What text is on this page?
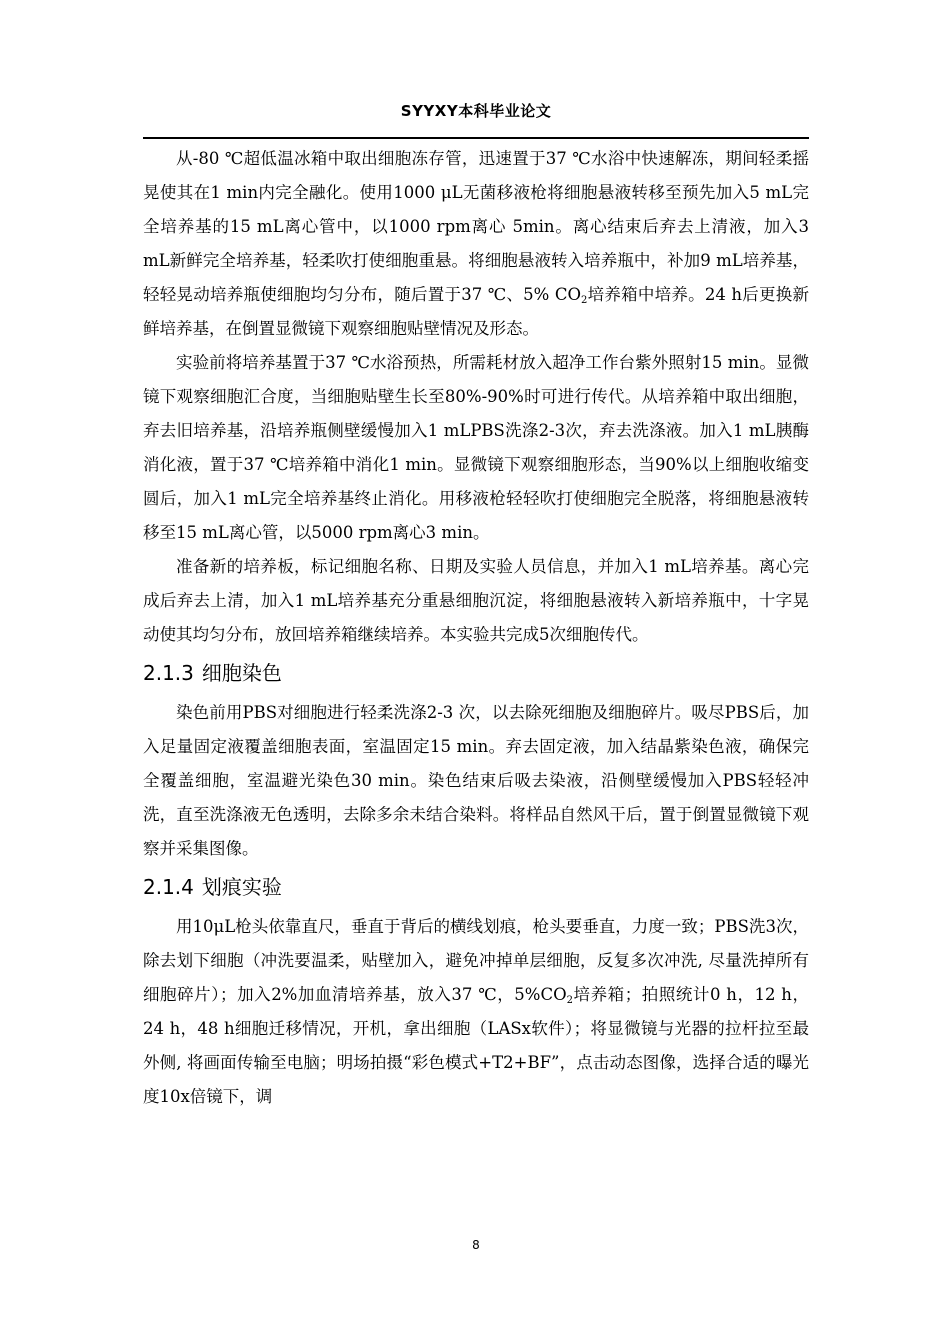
SYYXY本科毕业论文

从-80 ℃超低温冰箱中取出细胞冻存管，迅速置于37 ℃水浴中快速解冻，期间轻柔摇晃使其在1 min内完全融化。使用1000 μL无菌移液枪将细胞悬液转移至预先加入5 mL完全培养基的15 mL离心管中，以1000 rpm离心 5min。离心结束后弃去上清液，加入3 mL新鲜完全培养基，轻柔吹打使细胞重悬。将细胞悬液转入培养瓶中，补加9 mL培养基，轻轻晃动培养瓶使细胞均匀分布，随后置于37 ℃、5% $CO_2$培养箱中培养。24 h后更换新鲜培养基，在倒置显微镜下观察细胞贴壁情况及形态。

实验前将培养基置于37 ℃水浴预热，所需耗材放入超净工作台紫外照射15 min。显微镜下观察细胞汇合度，当细胞贴壁生长至80%-90%时可进行传代。从培养箱中取出细胞，弃去旧培养基，沿培养瓶侧壁缓慢加入1 mLPBS洗涤2-3次，弃去洗涤液。加入1 mL胰酶消化液，置于37 ℃培养箱中消化1 min。显微镜下观察细胞形态，当90%以上细胞收缩变圆后，加入1 mL完全培养基终止消化。用移液枪轻轻吹打使细胞完全脱落，将细胞悬液转移至15 mL离心管，以5000 rpm离心3 min。

准备新的培养板，标记细胞名称、日期及实验人员信息，并加入1 mL培养基。离心完成后弃去上清，加入1 mL培养基充分重悬细胞沉淀，将细胞悬液转入新培养瓶中，十字晃动使其均匀分布，放回培养箱继续培养。本实验共完成5次细胞传代。

2.1.3 细胞染色

染色前用PBS对细胞进行轻柔洗涤2-3 次，以去除死细胞及细胞碎片。吸尽PBS后，加入足量固定液覆盖细胞表面，室温固定15 min。弃去固定液，加入结晶紫染色液，确保完全覆盖细胞，室温避光染色30 min。染色结束后吸去染液，沿侧壁缓慢加入PBS轻轻冲洗，直至洗涤液无色透明，去除多余未结合染料。将样品自然风干后，置于倒置显微镜下观察并采集图像。

2.1.4 划痕实验

用10μL枪头依靠直尺，垂直于背后的横线划痕，枪头要垂直，力度一致；PBS洗3次，除去划下细胞（冲洗要温柔，贴壁加入，避免冲掉单层细胞，反复多次冲洗, 尽量洗掉所有细胞碎片）；加入2%加血清培养基，放入37 ℃，$5\%CO_2$培养箱；拍照统计0 h，12 h，24 h，48 h细胞迁移情况，开机，拿出细胞（LASx软件）；将显微镜与光器的拉杆拉至最外侧, 将画面传输至电脑；明场拍摄“彩色模式+T2+BF”，点击动态图像，选择合适的曝光度10x倍镜下，调

8
